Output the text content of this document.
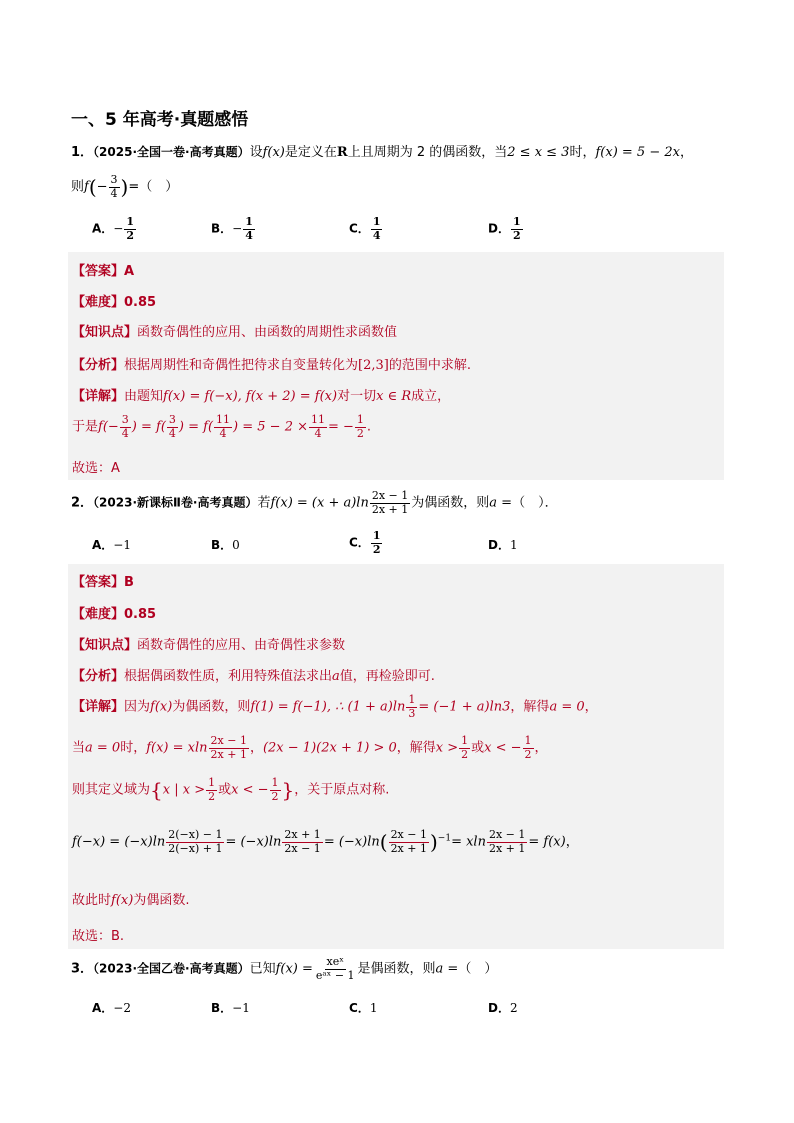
一、5 年高考·真题感悟
1．（2025·全国一卷·高考真题）设f(x)是定义在R上且周期为 2 的偶函数，当2 ≤ x ≤ 3时，f(x) = 5 − 2x，
则$f(- \frac{3}{4}$ )=（　）
A．− $\frac{1}{2}$	B．− $\frac{1}{4}$	C． $\frac{1}{4}$	D． $\frac{1}{2}$
【答案】A
【难度】0.85
【知识点】函数奇偶性的应用、由函数的周期性求函数值
【分析】根据周期性和奇偶性把待求自变量转化为[2,3]的范围中求解.
【详解】由题知f(x) = f(−x), f(x + 2) = f(x)对一切x ∈ R成立，
于是$f(- \frac{3}{4}$ ) = $f( \frac{3}{4}$ ) = $f( \frac{11}{4}$ ) = $5 - 2 \times \frac{11}{4}$ = − $\frac{1}{2}$ .
故选：A
2．（2023·新课标Ⅱ卷·高考真题）若$f(x) = (x + a)\ln \frac{2x - 1}{2x + 1}$ 为偶函数，则a =（　）．
A．−1	B．0	C． $\frac{1}{2}$	D．1
【答案】B
【难度】0.85
【知识点】函数奇偶性的应用、由奇偶性求参数
【分析】根据偶函数性质，利用特殊值法求出a值，再检验即可.
【详解】因为f(x)为偶函数，则f(1) = f(−1), ∴ $(1 + a)\ln \frac{1}{3} = (-1 + a)\ln 3$，解得a = 0，
当a = 0时，f(x) = xln $\frac{2x - 1}{2x + 1}$ ，(2x − 1)(2x + 1) > 0，解得$x > \frac{1}{2}$ 或x < − $\frac{1}{2}$ ，
则其定义域为{x | $x > \frac{1}{2}$ 或x < − $\frac{1}{2}$ }，关于原点对称.
$f(-x) = (-x)\ln \frac{2(-x) - 1}{2(-x) + 1} = (-x)\ln \frac{2x + 1}{2x - 1} = (-x)\ln( \frac{2x - 1}{2x + 1} )^{-1}= xln \frac{2x - 1}{2x + 1} = f(x)$，
故此时f(x)为偶函数.
故选：B.
3．（2023·全国乙卷·高考真题）已知$f(x) = \frac{\text{xeˣ}}{\text{eᵃˣ − 1}}$ 是偶函数，则a =（　）
A．−2	B．−1	C．1	D．2
